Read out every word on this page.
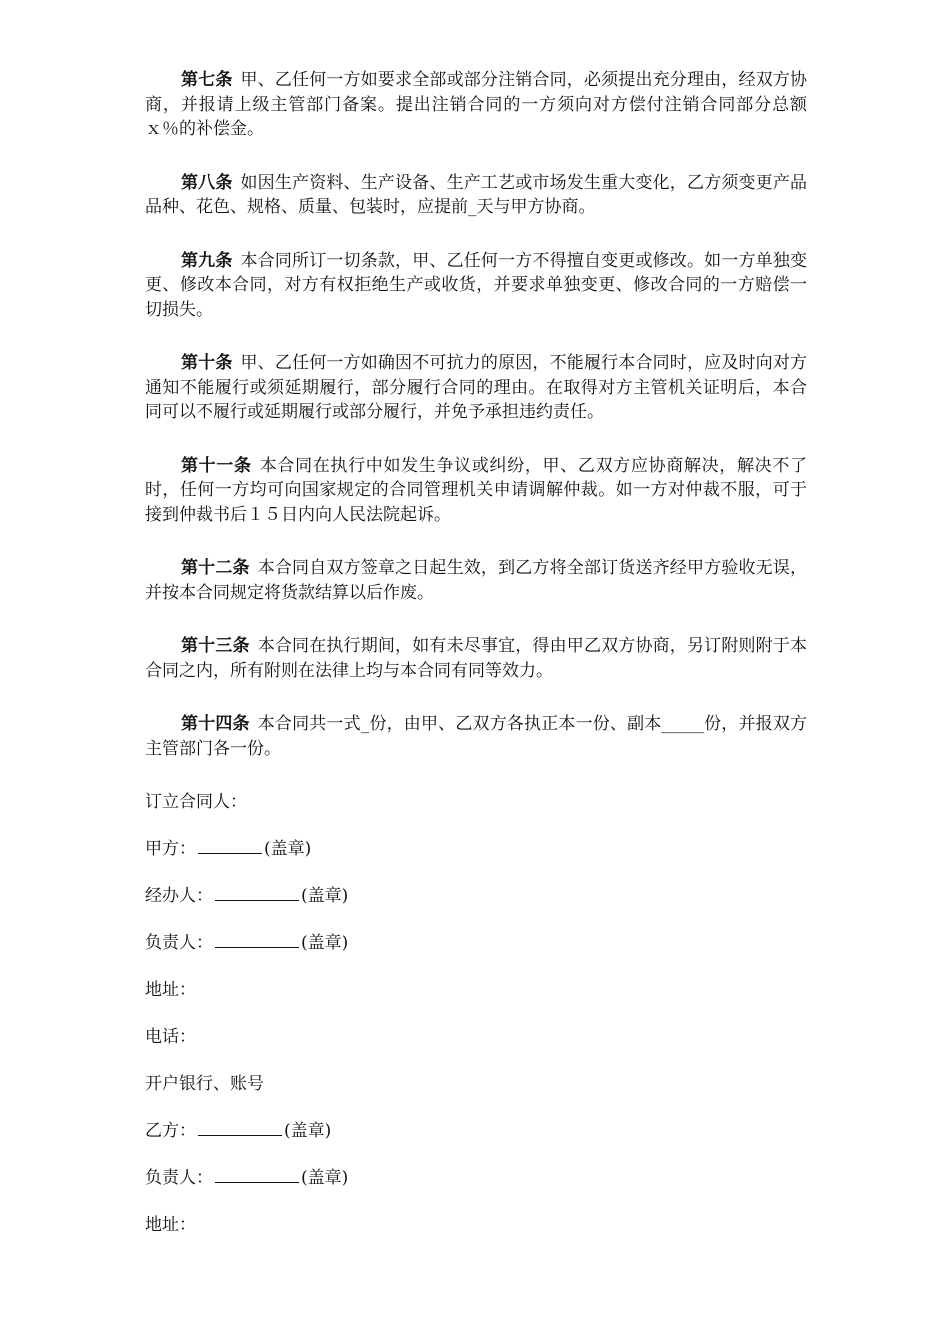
第七条 甲、乙任何一方如要求全部或部分注销合同，必须提出充分理由，经双方协商，并报请上级主管部门备案。提出注销合同的一方须向对方偿付注销合同部分总额ｘ％的补偿金。

第八条 如因生产资料、生产设备、生产工艺或市场发生重大变化，乙方须变更产品品种、花色、规格、质量、包装时，应提前_天与甲方协商。

第九条 本合同所订一切条款，甲、乙任何一方不得擅自变更或修改。如一方单独变更、修改本合同，对方有权拒绝生产或收货，并要求单独变更、修改合同的一方赔偿一切损失。

第十条 甲、乙任何一方如确因不可抗力的原因，不能履行本合同时，应及时向对方通知不能履行或须延期履行，部分履行合同的理由。在取得对方主管机关证明后，本合同可以不履行或延期履行或部分履行，并免予承担违约责任。

第十一条 本合同在执行中如发生争议或纠纷，甲、乙双方应协商解决，解决不了时，任何一方均可向国家规定的合同管理机关申请调解仲裁。如一方对仲裁不服，可于接到仲裁书后１５日内向人民法院起诉。

第十二条 本合同自双方签章之日起生效，到乙方将全部订货送齐经甲方验收无误，并按本合同规定将货款结算以后作废。

第十三条 本合同在执行期间，如有未尽事宜，得由甲乙双方协商，另订附则附于本合同之内，所有附则在法律上均与本合同有同等效力。

第十四条 本合同共一式_份，由甲、乙双方各执正本一份、副本_____份，并报双方主管部门各一份。

订立合同人：

甲方：	(盖章)

经办人：	(盖章)

负责人：	(盖章)

地址：

电话：

开户银行、账号

乙方：	(盖章)

负责人：	(盖章)

地址：
